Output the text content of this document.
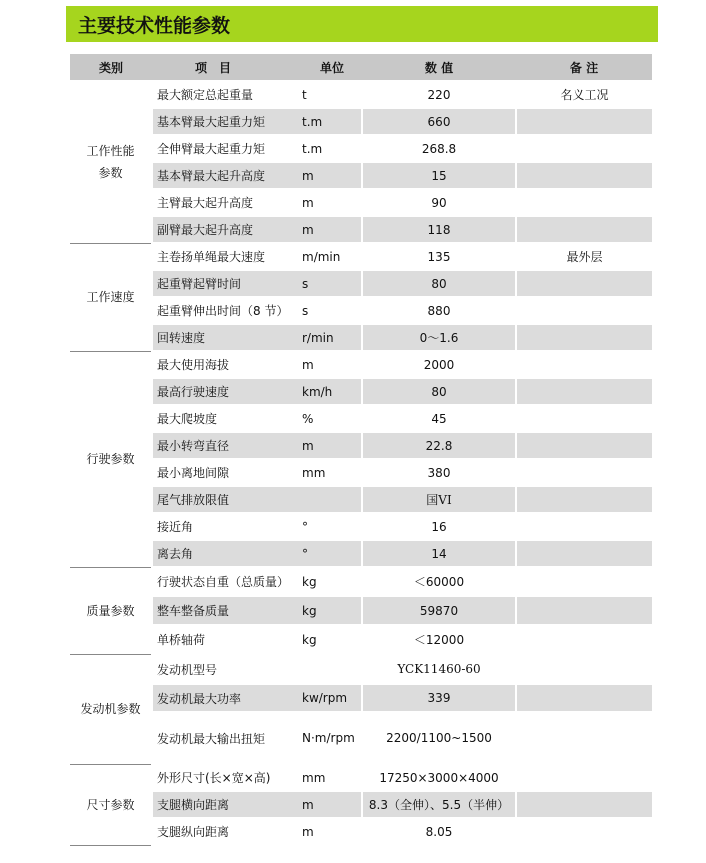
主要技术性能参数
类别	项　目	单位	数 值	备 注
工作性能
参数	最大额定总起重量	t	220	名义工况
	基本臂最大起重力矩	t.m	660	
	全伸臂最大起重力矩	t.m	268.8	
	基本臂最大起升高度	m	15	
	主臂最大起升高度	m	90	
	副臂最大起升高度	m	118	
工作速度	主卷扬单绳最大速度	m/min	135	最外层
	起重臂起臂时间	s	80	
	起重臂伸出时间（8 节）	s	880	
	回转速度	r/min	0～1.6	
行驶参数	最大使用海拔	m	2000	
	最高行驶速度	km/h	80	
	最大爬坡度	%	45	
	最小转弯直径	m	22.8	
	最小离地间隙	mm	380	
	尾气排放限值		国VI	
	接近角	°	16	
	离去角	°	14	
质量参数	行驶状态自重（总质量）	kg	＜60000	
	整车整备质量	kg	59870	
	单桥轴荷	kg	＜12000	
发动机参数	发动机型号		YCK11460-60	
	发动机最大功率	kw/rpm	339	
	发动机最大输出扭矩	N·m/rpm	2200/1100~1500	
尺寸参数	外形尺寸(长×宽×高)	mm	17250×3000×4000	
	支腿横向距离	m	8.3（全伸）、5.5（半伸）	
	支腿纵向距离	m	8.05	
